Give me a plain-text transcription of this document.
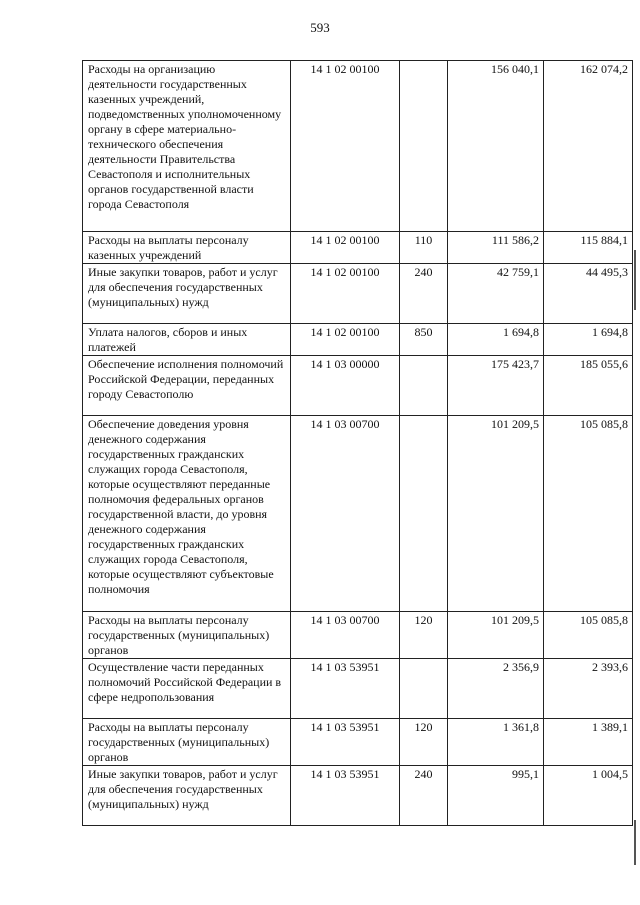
593
Расходы на организацию деятельности государственных казенных учреждений, подведомственных уполномоченному органу в сфере материально-технического обеспечения деятельности Правительства Севастополя и исполнительных органов государственной власти города Севастополя	14 1 02 00100		156 040,1	162 074,2
Расходы на выплаты персоналу казенных учреждений	14 1 02 00100	110	111 586,2	115 884,1
Иные закупки товаров, работ и услуг для обеспечения государственных (муниципальных) нужд	14 1 02 00100	240	42 759,1	44 495,3
Уплата налогов, сборов и иных платежей	14 1 02 00100	850	1 694,8	1 694,8
Обеспечение исполнения полномочий Российской Федерации, переданных городу Севастополю	14 1 03 00000		175 423,7	185 055,6
Обеспечение доведения уровня денежного содержания государственных гражданских служащих города Севастополя, которые осуществляют переданные полномочия федеральных органов государственной власти, до уровня денежного содержания государственных гражданских служащих города Севастополя, которые осуществляют субъектовые полномочия	14 1 03 00700		101 209,5	105 085,8
Расходы на выплаты персоналу государственных (муниципальных) органов	14 1 03 00700	120	101 209,5	105 085,8
Осуществление части переданных полномочий Российской Федерации в сфере недропользования	14 1 03 53951		2 356,9	2 393,6
Расходы на выплаты персоналу государственных (муниципальных) органов	14 1 03 53951	120	1 361,8	1 389,1
Иные закупки товаров, работ и услуг для обеспечения государственных (муниципальных) нужд	14 1 03 53951	240	995,1	1 004,5
